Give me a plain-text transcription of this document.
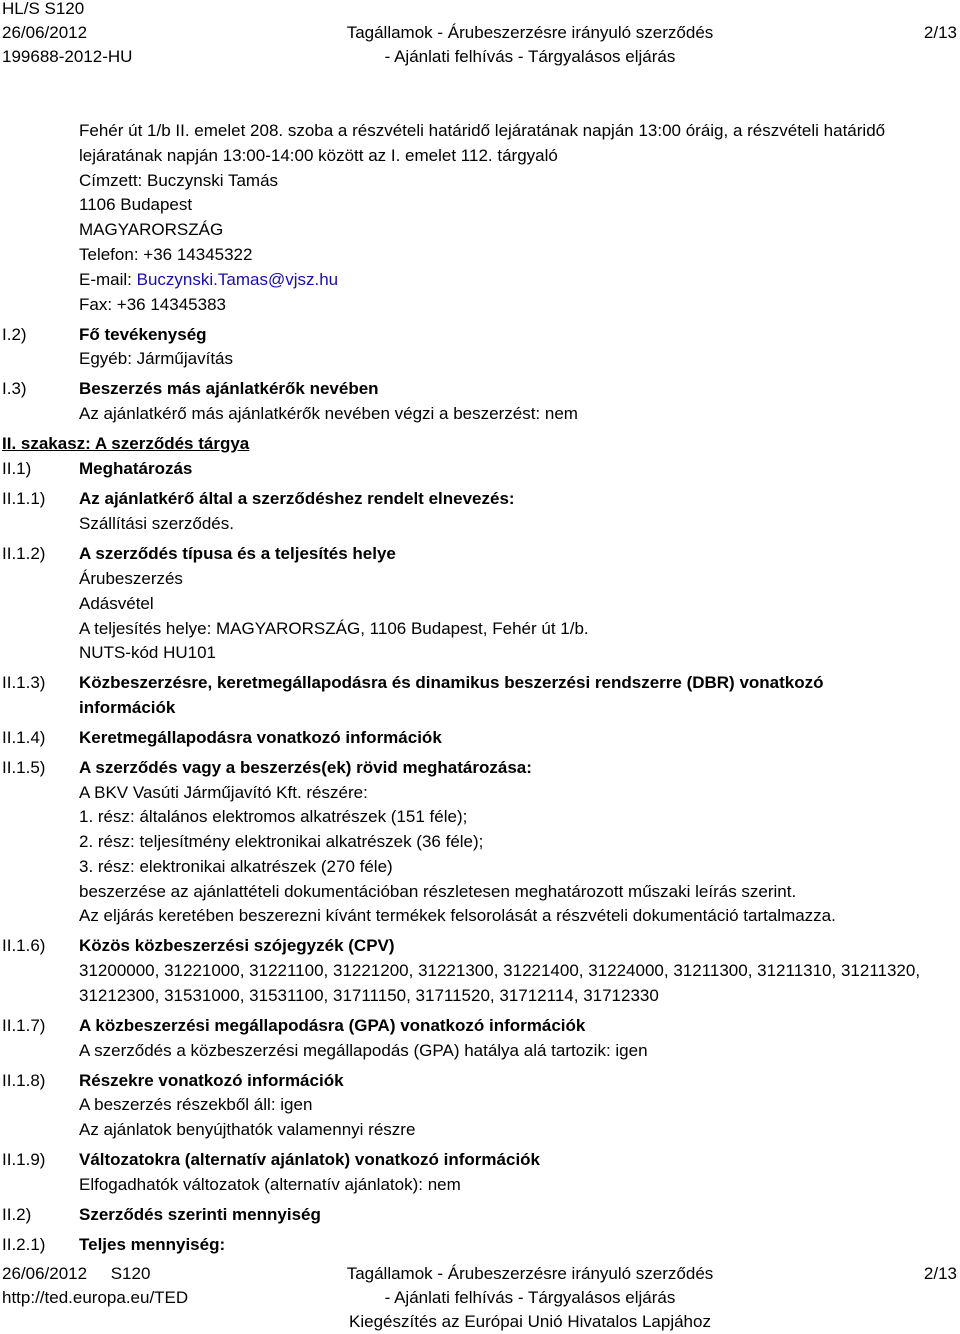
HL/S S120
26/06/2012
199688-2012-HU
Tagállamok - Árubeszerzésre irányuló szerződés
- Ajánlati felhívás - Tárgyalásos eljárás
2/13
Fehér út 1/b II. emelet 208. szoba a részvételi határidő lejáratának napján 13:00 óráig, a részvételi határidő
lejáratának napján 13:00-14:00 között az I. emelet 112. tárgyaló
Címzett: Buczynski Tamás
1106 Budapest
MAGYARORSZÁG
Telefon: +36 14345322
E-mail: Buczynski.Tamas@vjsz.hu
Fax: +36 14345383
I.2)	Fő tevékenység
Egyéb: Járműjavítás
I.3)	Beszerzés más ajánlatkérők nevében
Az ajánlatkérő más ajánlatkérők nevében végzi a beszerzést: nem
II. szakasz: A szerződés tárgya
II.1)	Meghatározás
II.1.1) Az ajánlatkérő által a szerződéshez rendelt elnevezés:
Szállítási szerződés.
II.1.2) A szerződés típusa és a teljesítés helye
Árubeszerzés
Adásvétel
A teljesítés helye: MAGYARORSZÁG, 1106 Budapest, Fehér út 1/b.
NUTS-kód HU101
II.1.3) Közbeszerzésre, keretmegállapodásra és dinamikus beszerzési rendszerre (DBR) vonatkozó
információk
II.1.4) Keretmegállapodásra vonatkozó információk
II.1.5) A szerződés vagy a beszerzés(ek) rövid meghatározása:
A BKV Vasúti Járműjavító Kft. részére:
1. rész: általános elektromos alkatrészek (151 féle);
2. rész: teljesítmény elektronikai alkatrészek (36 féle);
3. rész: elektronikai alkatrészek (270 féle)
beszerzése az ajánlattételi dokumentációban részletesen meghatározott műszaki leírás szerint.
Az eljárás keretében beszerezni kívánt termékek felsorolását a részvételi dokumentáció tartalmazza.
II.1.6) Közös közbeszerzési szójegyzék (CPV)
31200000, 31221000, 31221100, 31221200, 31221300, 31221400, 31224000, 31211300, 31211310, 31211320,
31212300, 31531000, 31531100, 31711150, 31711520, 31712114, 31712330
II.1.7) A közbeszerzési megállapodásra (GPA) vonatkozó információk
A szerződés a közbeszerzési megállapodás (GPA) hatálya alá tartozik: igen
II.1.8) Részekre vonatkozó információk
A beszerzés részekből áll: igen
Az ajánlatok benyújthatók valamennyi részre
II.1.9) Változatokra (alternatív ajánlatok) vonatkozó információk
Elfogadhatók változatok (alternatív ajánlatok): nem
II.2)	Szerződés szerinti mennyiség
II.2.1) Teljes mennyiség:
26/06/2012     S120
http://ted.europa.eu/TED
Tagállamok - Árubeszerzésre irányuló szerződés
- Ajánlati felhívás - Tárgyalásos eljárás
Kiegészítés az Európai Unió Hivatalos Lapjához
2/13
